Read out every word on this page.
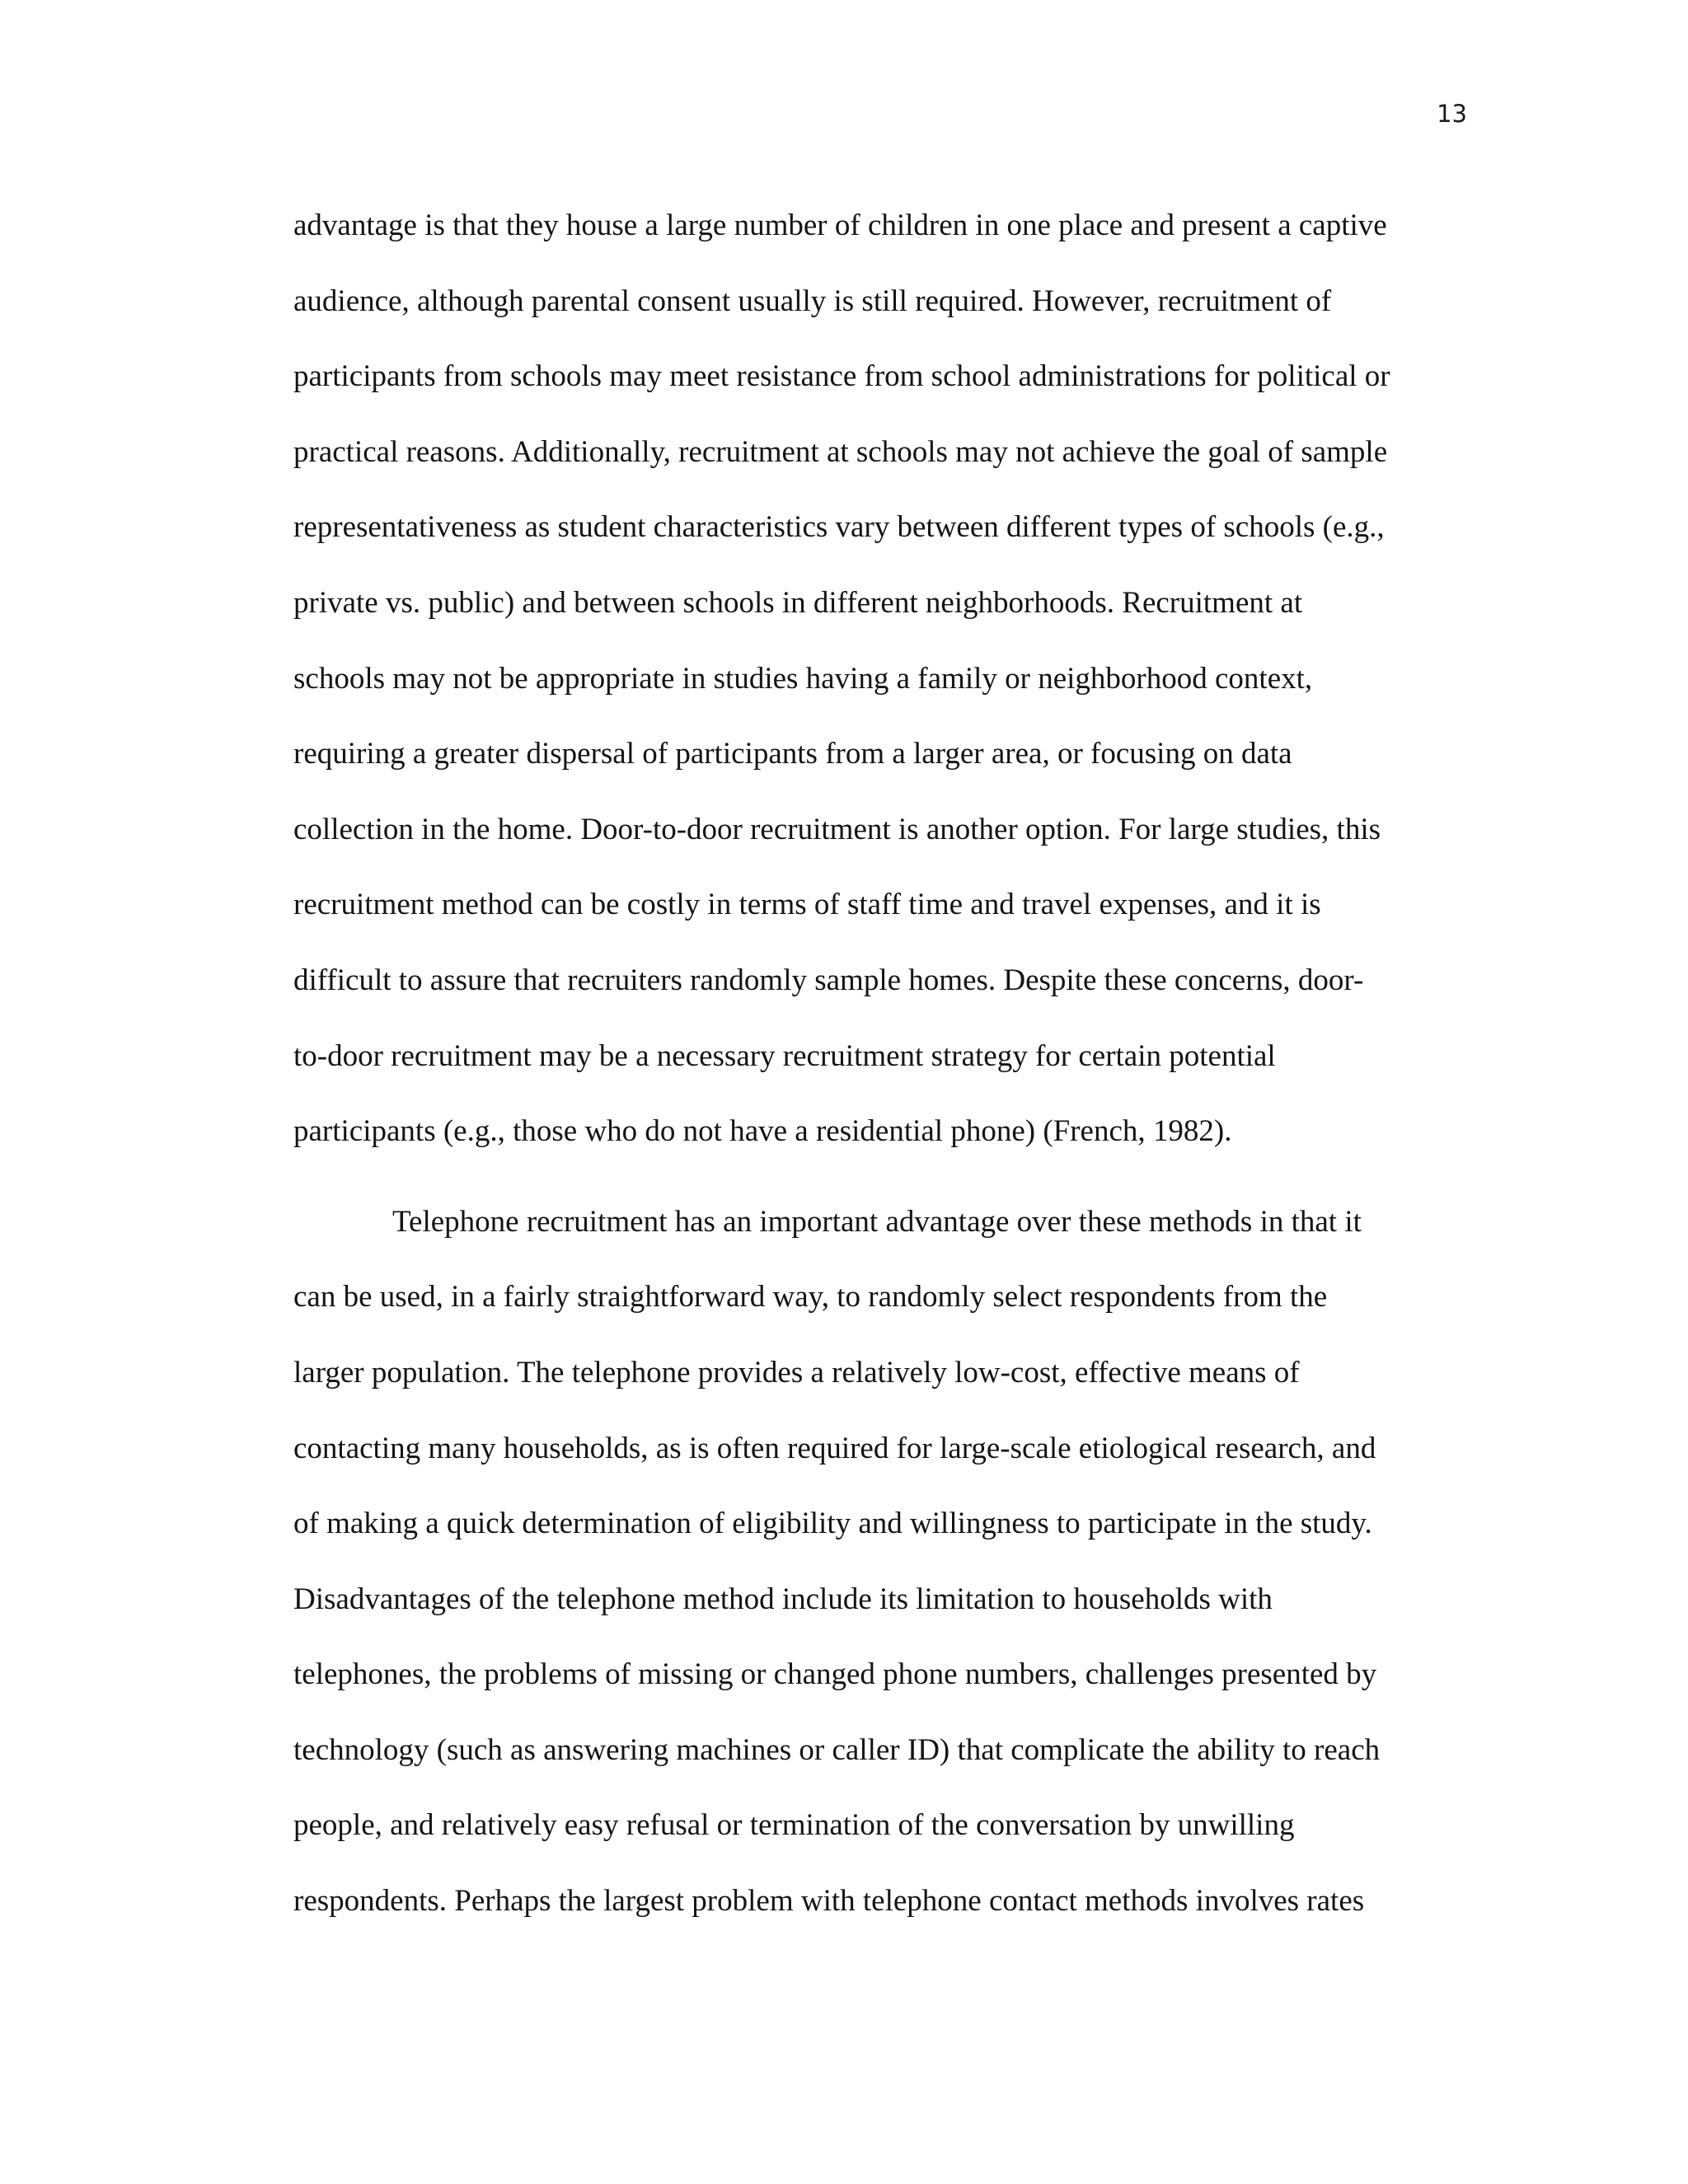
13
advantage is that they house a large number of children in one place and present a captive
audience, although parental consent usually is still required. However, recruitment of
participants from schools may meet resistance from school administrations for political or
practical reasons. Additionally, recruitment at schools may not achieve the goal of sample
representativeness as student characteristics vary between different types of schools (e.g.,
private vs. public) and between schools in different neighborhoods. Recruitment at
schools may not be appropriate in studies having a family or neighborhood context,
requiring a greater dispersal of participants from a larger area, or focusing on data
collection in the home. Door-to-door recruitment is another option. For large studies, this
recruitment method can be costly in terms of staff time and travel expenses, and it is
difficult to assure that recruiters randomly sample homes. Despite these concerns, door-
to-door recruitment may be a necessary recruitment strategy for certain potential
participants (e.g., those who do not have a residential phone) (French, 1982).
Telephone recruitment has an important advantage over these methods in that it
can be used, in a fairly straightforward way, to randomly select respondents from the
larger population. The telephone provides a relatively low-cost, effective means of
contacting many households, as is often required for large-scale etiological research, and
of making a quick determination of eligibility and willingness to participate in the study.
Disadvantages of the telephone method include its limitation to households with
telephones, the problems of missing or changed phone numbers, challenges presented by
technology (such as answering machines or caller ID) that complicate the ability to reach
people, and relatively easy refusal or termination of the conversation by unwilling
respondents. Perhaps the largest problem with telephone contact methods involves rates
